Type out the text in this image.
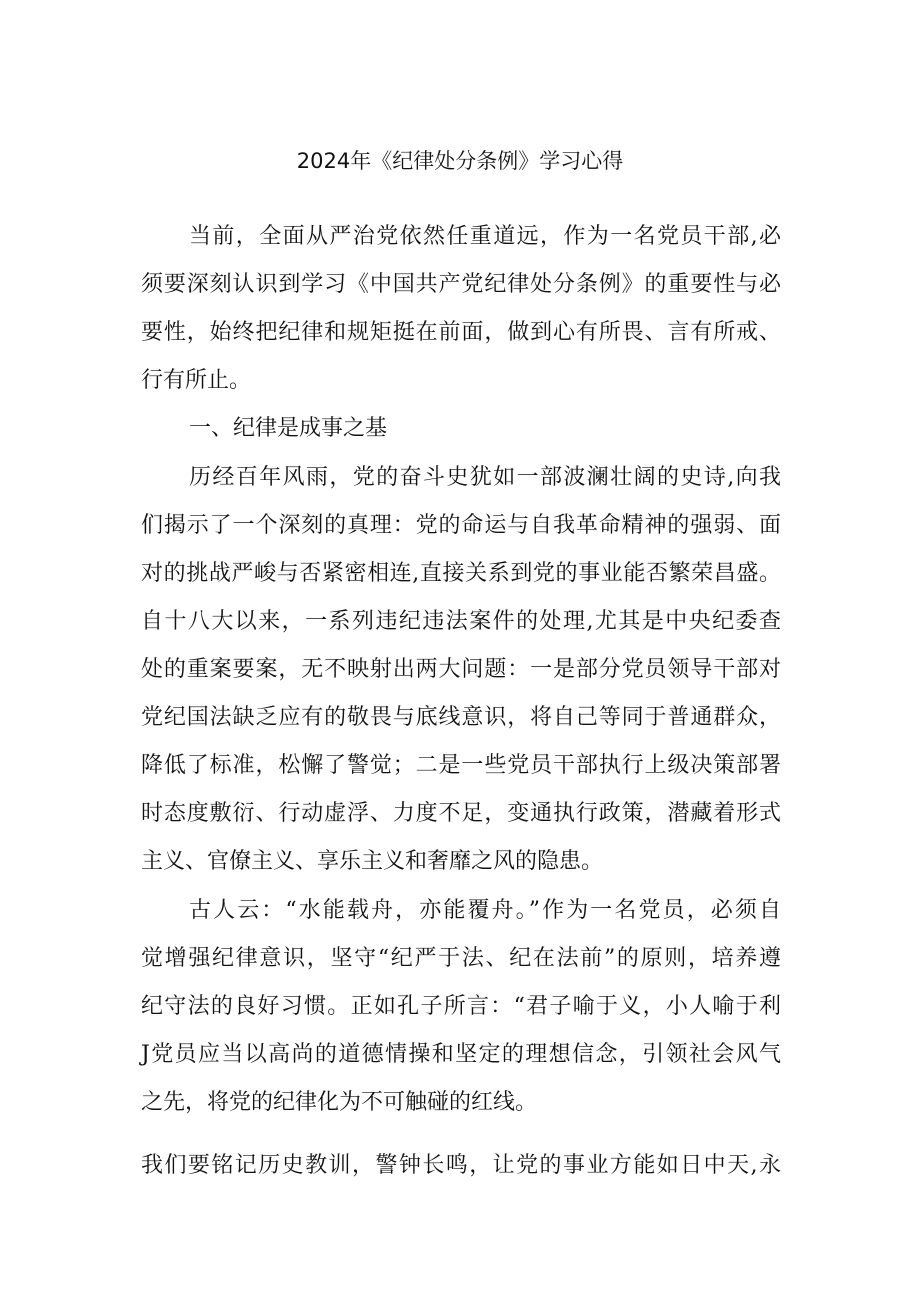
2024年《纪律处分条例》学习心得

当前，全面从严治党依然任重道远，作为一名党员干部,必

须要深刻认识到学习《中国共产党纪律处分条例》的重要性与必

要性，始终把纪律和规矩挺在前面，做到心有所畏、言有所戒、

行有所止。

一、纪律是成事之基

历经百年风雨，党的奋斗史犹如一部波澜壮阔的史诗,向我

们揭示了一个深刻的真理：党的命运与自我革命精神的强弱、面

对的挑战严峻与否紧密相连,直接关系到党的事业能否繁荣昌盛。

自十八大以来，一系列违纪违法案件的处理,尤其是中央纪委查

处的重案要案，无不映射出两大问题：一是部分党员领导干部对

党纪国法缺乏应有的敬畏与底线意识，将自己等同于普通群众，

降低了标准，松懈了警觉；二是一些党员干部执行上级决策部署

时态度敷衍、行动虚浮、力度不足，变通执行政策，潜藏着形式

主义、官僚主义、享乐主义和奢靡之风的隐患。

古人云：“水能载舟，亦能覆舟。”作为一名党员，必须自

觉增强纪律意识，坚守“纪严于法、纪在法前”的原则，培养遵

纪守法的良好习惯。正如孔子所言：“君子喻于义，小人喻于利

J党员应当以高尚的道德情操和坚定的理想信念，引领社会风气

之先，将党的纪律化为不可触碰的红线。

我们要铭记历史教训，警钟长鸣，让党的事业方能如日中天,永
